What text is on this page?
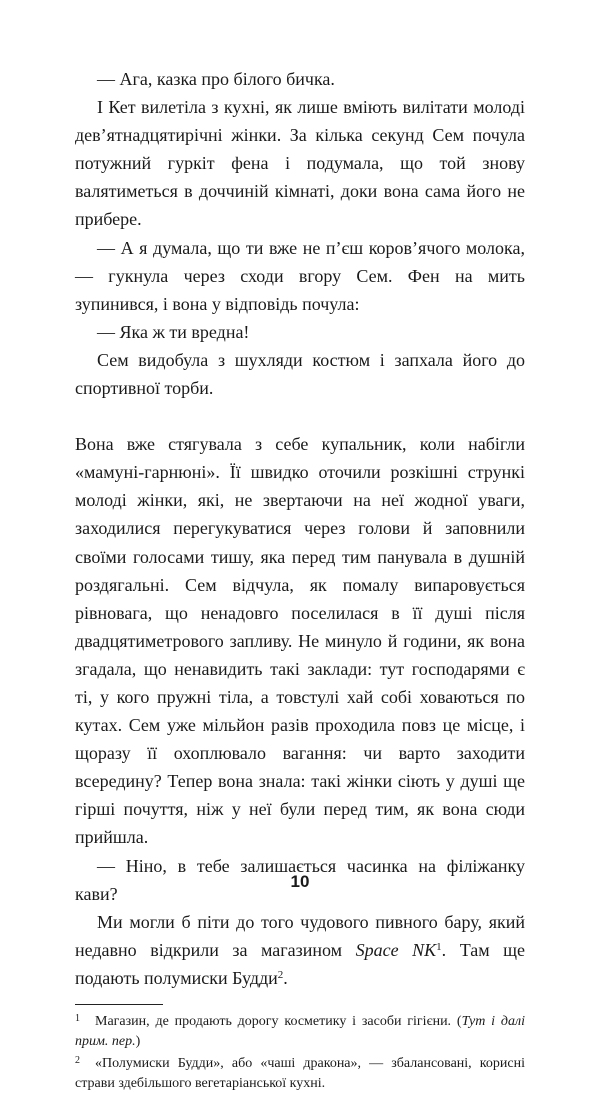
— Ага, казка про білого бичка.

І Кет вилетіла з кухні, як лише вміють вилітати молоді дев’ятнадцятирічні жінки. За кілька секунд Сем почула потужний гуркіт фена і подумала, що той знову валятиметься в доччиній кімнаті, доки вона сама його не прибере.

— А я думала, що ти вже не п’єш коров’ячого молока, — гукнула через сходи вгору Сем. Фен на мить зупинився, і вона у відповідь почула:

— Яка ж ти вредна!

Сем видобула з шухляди костюм і запхала його до спортивної торби.

Вона вже стягувала з себе купальник, коли набігли «мамуні-гарнюні». Її швидко оточили розкішні стрункі молоді жінки, які, не звертаючи на неї жодної уваги, заходилися перегукуватися через голови й заповнили своїми голосами тишу, яка перед тим панувала в душній роздягальні. Сем відчула, як помалу випаровується рівновага, що ненадовго поселилася в її душі після двадцятиметрового запливу. Не минуло й години, як вона згадала, що ненавидить такі заклади: тут господарями є ті, у кого пружні тіла, а товстулі хай собі ховаються по кутах. Сем уже мільйон разів проходила повз це місце, і щоразу її охоплювало вагання: чи варто заходити всередину? Тепер вона знала: такі жінки сіють у душі ще гірші почуття, ніж у неї були перед тим, як вона сюди прийшла.

— Ніно, в тебе залишається часинка на філіжанку кави?

Ми могли б піти до того чудового пивного бару, який недавно відкрили за магазином Space $NK^1$. Там ще подають полумиски Будди$^2$.

1 Магазин, де продають дорогу косметику і засоби гігієни. (Тут і далі прим. пер.)

2 «Полумиски Будди», або «чаші дракона», — збалансовані, корисні страви здебільшого вегетаріанської кухні.

10
